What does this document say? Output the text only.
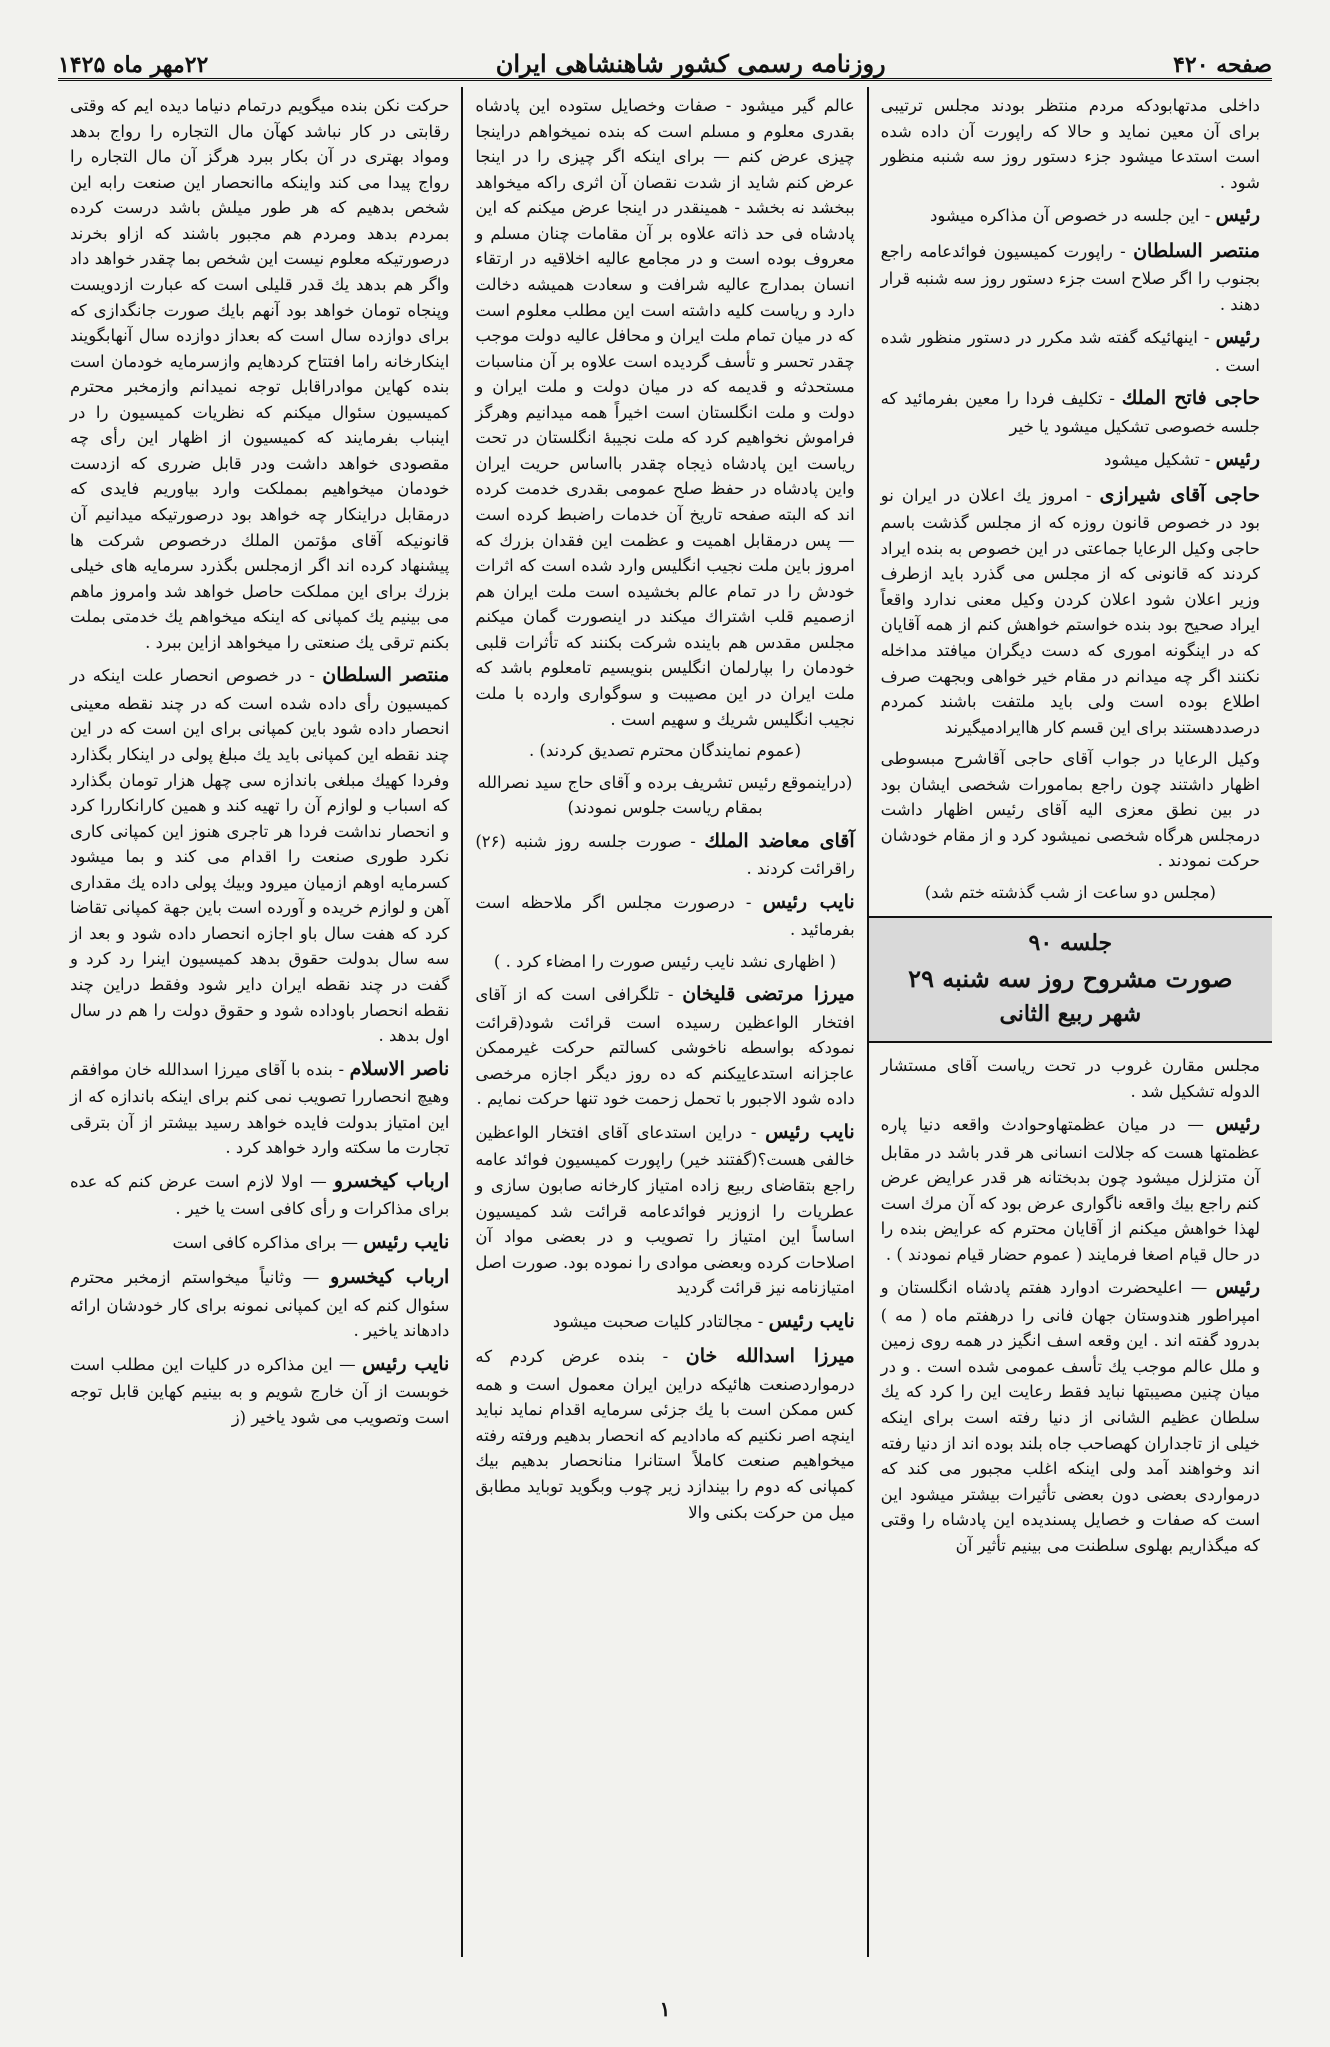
صفحه ۴۲۰
روزنامه رسمی کشور شاهنشاهی ایران
۲۲مهر ماه ۱۴۲۵

داخلی مدتهابودکه مردم منتظر بودند مجلس ترتیبی برای آن معین نماید و حالا که راپورت آن داده شده است استدعا میشود جزء دستور روز سه شنبه منظور شود .

رئیس - این جلسه در خصوص آن مذاکره میشود

منتصر السلطان - راپورت کمیسیون فوائدعامه راجع بجنوب را اگر صلاح است جزء دستور روز سه شنبه قرار دهند .

رئیس - اینهائیکه گفته شد مکرر در دستور منظور شده است .

حاجی فاتح الملك - تکلیف فردا را معین بفرمائید که جلسه خصوصی تشکیل میشود یا خیر

رئیس - تشکیل میشود

حاجی آقای شیرازی - امروز یك اعلان در ایران نو بود در خصوص قانون روزه که از مجلس گذشت باسم حاجی وکیل الرعایا جماعتی در این خصوص به بنده ایراد کردند که قانونی که از مجلس می گذرد باید ازطرف وزیر اعلان شود اعلان کردن وکیل معنی ندارد واقعاً ایراد صحیح بود بنده خواستم خواهش کنم از همه آقایان که در اینگونه اموری که دست دیگران میافتد مداخله نکنند اگر چه میدانم در مقام خیر خواهی وبجهت صرف اطلاع بوده است ولی باید ملتفت باشند کمردم درصددهستند برای این قسم کار هاایرادمیگیرند

وکیل الرعایا در جواب آقای حاجی آقاشرح مبسوطی اظهار داشتند چون راجع بمامورات شخصی ایشان بود در بین نطق معزی الیه آقای رئیس اظهار داشت درمجلس هرگاه شخصی نمیشود کرد و از مقام خودشان حرکت نمودند .

(مجلس دو ساعت از شب گذشته ختم شد)

جلسه ۹۰
صورت مشروح روز سه شنبه ۲۹
شهر ربیع الثانی

مجلس مقارن غروب در تحت ریاست آقای مستشار الدوله تشکیل شد .

رئیس — در میان عظمتهاوحوادث واقعه دنیا پاره عظمتها هست که جلالت انسانی هر قدر باشد در مقابل آن متزلزل میشود چون بدبختانه هر قدر عرایض عرض کنم راجع بیك واقعه ناگواری عرض بود که آن مرك است لهذا خواهش میکنم از آقایان محترم که عرایض بنده را در حال قیام اصغا فرمایند ( عموم حضار قیام نمودند ) .

رئیس — اعلیحضرت ادوارد هفتم پادشاه انگلستان و امپراطور هندوستان جهان فانی را درهفتم ماه ( مه ) بدرود گفته اند . این وقعه اسف انگیز در همه روی زمین و ملل عالم موجب یك تأسف عمومی شده است . و در میان چنین مصیبتها نباید فقط رعایت این را کرد که یك سلطان عظیم الشانی از دنیا رفته است برای اینکه خیلی از تاجداران کهصاحب جاه بلند بوده اند از دنیا رفته اند وخواهند آمد ولی اینکه اغلب مجبور می کند که درمواردی بعضی دون بعضی تأثیرات بیشتر میشود این است که صفات و خصایل پسندیده این پادشاه را وقتی که میگذاریم بهلوی سلطنت می بینیم تأثیر آن

عالم گیر میشود - صفات وخصایل ستوده این پادشاه بقدری معلوم و مسلم است که بنده نمیخواهم دراینجا چیزی عرض کنم — برای اینکه اگر چیزی را در اینجا عرض کنم شاید از شدت نقصان آن اثری راکه میخواهد ببخشد نه بخشد - همینقدر در اینجا عرض میکنم که این پادشاه فی حد ذاته علاوه بر آن مقامات چنان مسلم و معروف بوده است و در مجامع عالیه اخلاقیه در ارتقاء انسان بمدارج عالیه شرافت و سعادت همیشه دخالت دارد و ریاست کلیه داشته است این مطلب معلوم است که در میان تمام ملت ایران و محافل عالیه دولت موجب چقدر تحسر و تأسف گردیده است علاوه بر آن مناسبات مستحدثه و قدیمه که در میان دولت و ملت ایران و دولت و ملت انگلستان است اخیراً همه میدانیم وهرگز فراموش نخواهیم کرد که ملت نجیبهٔ انگلستان در تحت ریاست این پادشاه ذیجاه چقدر بااساس حریت ایران واین پادشاه در حفظ صلح عمومی بقدری خدمت کرده اند که البته صفحه تاریخ آن خدمات راضبط کرده است — پس درمقابل اهمیت و عظمت این فقدان بزرك که امروز باین ملت نجیب انگلیس وارد شده است که اثرات خودش را در تمام عالم بخشیده است ملت ایران هم ازصمیم قلب اشتراك میکند در اینصورت گمان میکنم مجلس مقدس هم باینده شرکت بکنند که تأثرات قلبی خودمان را بپارلمان انگلیس بنویسیم تامعلوم باشد که ملت ایران در این مصیبت و سوگواری وارده با ملت نجیب انگلیس شریك و سهیم است .

(عموم نمایندگان محترم تصدیق کردند) .

(دراینموقع رئیس تشریف برده و آقای حاج سید نصرالله بمقام ریاست جلوس نمودند)

آقای معاضد الملك - صورت جلسه روز شنبه (۲۶) راقرائت کردند .

نایب رئیس - درصورت مجلس اگر ملاحظه است بفرمائید .

( اظهاری نشد نایب رئیس صورت را امضاء کرد . )

میرزا مرتضی قلیخان - تلگرافی است که از آقای افتخار الواعظین رسیده است قرائت شود(قرائت نمودکه بواسطه ناخوشی کسالتم حرکت غیرممکن عاجزانه استدعاییکنم که ده روز دیگر اجازه مرخصی داده شود الاجبور با تحمل زحمت خود تنها حرکت نمایم .

نایب رئیس - دراین استدعای آقای افتخار الواعظین خالفی هست؟(گفتند خیر) راپورت کمیسیون فوائد عامه راجع بتقاضای ربیع زاده امتیاز کارخانه صابون سازی و عطریات را ازوزیر فوائدعامه قرائت شد کمیسیون اساساً این امتیاز را تصویب و در بعضی مواد آن اصلاحات کرده وبعضی موادی را نموده بود. صورت اصل امتیازنامه نیز قرائت گردید

نایب رئیس - مجالتادر کلیات صحبت میشود

میرزا اسدالله خان - بنده عرض کردم که درمواردصنعت هائیکه دراین ایران معمول است و همه کس ممکن است با یك جزئی سرمایه اقدام نماید نباید اینچه اصر نکنیم که مادادیم که انحصار بدهیم ورفته رفته میخواهیم صنعت کاملاً استانرا منانحصار بدهیم بیك کمپانی که دوم را بیندازد زیر چوب وبگوید توباید مطابق میل من حرکت بکنی والا

حرکت نکن بنده میگویم درتمام دنیاما دیده ایم که وقتی رقابتی در کار نباشد کهآن مال التجاره را رواج بدهد ومواد بهتری در آن بکار ببرد هرگز آن مال التجاره را رواج پیدا می کند واینکه ماانحصار این صنعت رابه این شخص بدهیم که هر طور میلش باشد درست کرده بمردم بدهد ومردم هم مجبور باشند که ازاو بخرند درصورتیکه معلوم نیست این شخص بما چقدر خواهد داد واگر هم بدهد یك قدر قلیلی است که عبارت ازدویست وپنجاه تومان خواهد بود آنهم بایك صورت جانگدازی که برای دوازده سال است که بعداز دوازده سال آنهابگویند اینکارخانه راما افتتاح کردهایم وازسرمایه خودمان است بنده کهاین موادراقابل توجه نمیدانم وازمخبر محترم کمیسیون سئوال میکنم که نظریات کمیسیون را در اینباب بفرمایند که کمیسیون از اظهار این رأی چه مقصودی خواهد داشت ودر قابل ضرری که ازدست خودمان میخواهیم بمملکت وارد بیاوریم فایدی که درمقابل دراینکار چه خواهد بود درصورتیکه میدانیم آن قانونیکه آقای مؤتمن الملك درخصوص شرکت ها پیشنهاد کرده اند اگر ازمجلس بگذرد سرمایه های خیلی بزرك برای این مملکت حاصل خواهد شد وامروز ماهم می بینیم یك کمپانی که اینکه میخواهم یك خدمتی بملت بکنم ترقی یك صنعتی را میخواهد ازاین ببرد .

منتصر السلطان - در خصوص انحصار علت اینکه در کمیسیون رأی داده شده است که در چند نقطه معینی انحصار داده شود باین کمپانی برای این است که در این چند نقطه این کمپانی باید یك مبلغ پولی در اینکار بگذارد وفردا کهیك مبلغی باندازه سی چهل هزار تومان بگذارد که اسباب و لوازم آن را تهیه کند و همین کارانکاررا کرد و انحصار نداشت فردا هر تاجری هنوز این کمپانی کاری نکرد طوری صنعت را اقدام می کند و بما میشود کسرمایه اوهم ازمیان میرود وبیك پولی داده یك مقداری آهن و لوازم خریده و آورده است باین جهة کمپانی تقاضا کرد که هفت سال باو اجازه انحصار داده شود و بعد از سه سال بدولت حقوق بدهد کمیسیون اینرا رد کرد و گفت در چند نقطه ایران دایر شود وفقط دراین چند نقطه انحصار باوداده شود و حقوق دولت را هم در سال اول بدهد .

ناصر الاسلام - بنده با آقای میرزا اسدالله خان موافقم وهیچ انحصاررا تصویب نمی کنم برای اینکه باندازه که از این امتیاز بدولت فایده خواهد رسید بیشتر از آن بترقی تجارت ما سکته وارد خواهد کرد .

ارباب کیخسرو — اولا لازم است عرض کنم که عده برای مذاکرات و رأی کافی است یا خیر .

نایب رئیس — برای مذاکره کافی است

ارباب کیخسرو — وثانیاً میخواستم ازمخبر محترم سئوال کنم که این کمپانی نمونه برای کار خودشان ارائه دادهاند یاخیر .

نایب رئیس — این مذاکره در کلیات این مطلب است خوبست از آن خارج شویم و به بینیم کهاین قابل توجه است وتصویب می شود یاخیر (ز

۱
